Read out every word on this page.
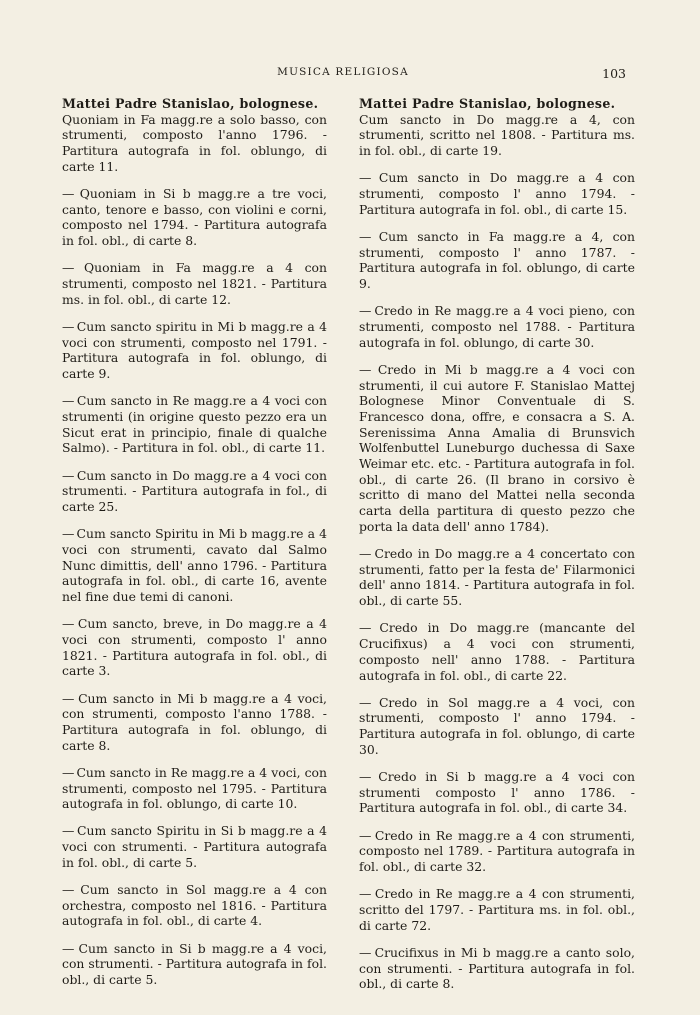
MUSICA RELIGIOSA	103

Mattei Padre Stanislao, bolognese.
Quoniam in Fa magg.re a solo basso, con strumenti, composto l'anno 1796. - Partitura autografa in fol. oblungo, di carte 11.

— Quoniam in Si b magg.re a tre voci, canto, tenore e basso, con violini e corni, composto nel 1794. - Partitura autografa in fol. obl., di carte 8.

— Quoniam in Fa magg.re a 4 con strumenti, composto nel 1821. - Partitura ms. in fol. obl., di carte 12.

— Cum sancto spiritu in Mi b magg.re a 4 voci con strumenti, composto nel 1791. - Partitura autografa in fol. oblungo, di carte 9.

— Cum sancto in Re magg.re a 4 voci con strumenti (in origine questo pezzo era un Sicut erat in principio, finale di qualche Salmo). - Partitura in fol. obl., di carte 11.

— Cum sancto in Do magg.re a 4 voci con strumenti. - Partitura autografa in fol., di carte 25.

— Cum sancto Spiritu in Mi b magg.re a 4 voci con strumenti, cavato dal Salmo Nunc dimittis, dell' anno 1796. - Partitura autografa in fol. obl., di carte 16, avente nel fine due temi di canoni.

— Cum sancto, breve, in Do magg.re a 4 voci con strumenti, composto l' anno 1821. - Partitura autografa in fol. obl., di carte 3.

— Cum sancto in Mi b magg.re a 4 voci, con strumenti, composto l'anno 1788. - Partitura autografa in fol. oblungo, di carte 8.

— Cum sancto in Re magg.re a 4 voci, con strumenti, composto nel 1795. - Partitura autografa in fol. oblungo, di carte 10.

— Cum sancto Spiritu in Si b magg.re a 4 voci con strumenti. - Partitura autografa in fol. obl., di carte 5.

— Cum sancto in Sol magg.re a 4 con orchestra, composto nel 1816. - Partitura autografa in fol. obl., di carte 4.

— Cum sancto in Si b magg.re a 4 voci, con strumenti. - Partitura autografa in fol. obl., di carte 5.

Mattei Padre Stanislao, bolognese.
Cum sancto in Do magg.re a 4, con strumenti, scritto nel 1808. - Partitura ms. in fol. obl., di carte 19.

— Cum sancto in Do magg.re a 4 con strumenti, composto l' anno 1794. - Partitura autografa in fol. obl., di carte 15.

— Cum sancto in Fa magg.re a 4, con strumenti, composto l' anno 1787. - Partitura autografa in fol. oblungo, di carte 9.

— Credo in Re magg.re a 4 voci pieno, con strumenti, composto nel 1788. - Partitura autografa in fol. oblungo, di carte 30.

— Credo in Mi b magg.re a 4 voci con strumenti, il cui autore F. Stanislao Mattej Bolognese Minor Conventuale di S. Francesco dona, offre, e consacra a S. A. Serenissima Anna Amalia di Brunsvich Wolfenbuttel Luneburgo duchessa di Saxe Weimar etc. etc. - Partitura autografa in fol. obl., di carte 26. (Il brano in corsivo è scritto di mano del Mattei nella seconda carta della partitura di questo pezzo che porta la data dell' anno 1784).

— Credo in Do magg.re a 4 concertato con strumenti, fatto per la festa de' Filarmonici dell' anno 1814. - Partitura autografa in fol. obl., di carte 55.

— Credo in Do magg.re (mancante del Crucifixus) a 4 voci con strumenti, composto nell' anno 1788. - Partitura autografa in fol. obl., di carte 22.

— Credo in Sol magg.re a 4 voci, con strumenti, composto l' anno 1794. - Partitura autografa in fol. oblungo, di carte 30.

— Credo in Si b magg.re a 4 voci con strumenti composto l' anno 1786. - Partitura autografa in fol. obl., di carte 34.

— Credo in Re magg.re a 4 con strumenti, composto nel 1789. - Partitura autografa in fol. obl., di carte 32.

— Credo in Re magg.re a 4 con strumenti, scritto del 1797. - Partitura ms. in fol. obl., di carte 72.

— Crucifixus in Mi b magg.re a canto solo, con strumenti. - Partitura autografa in fol. obl., di carte 8.
